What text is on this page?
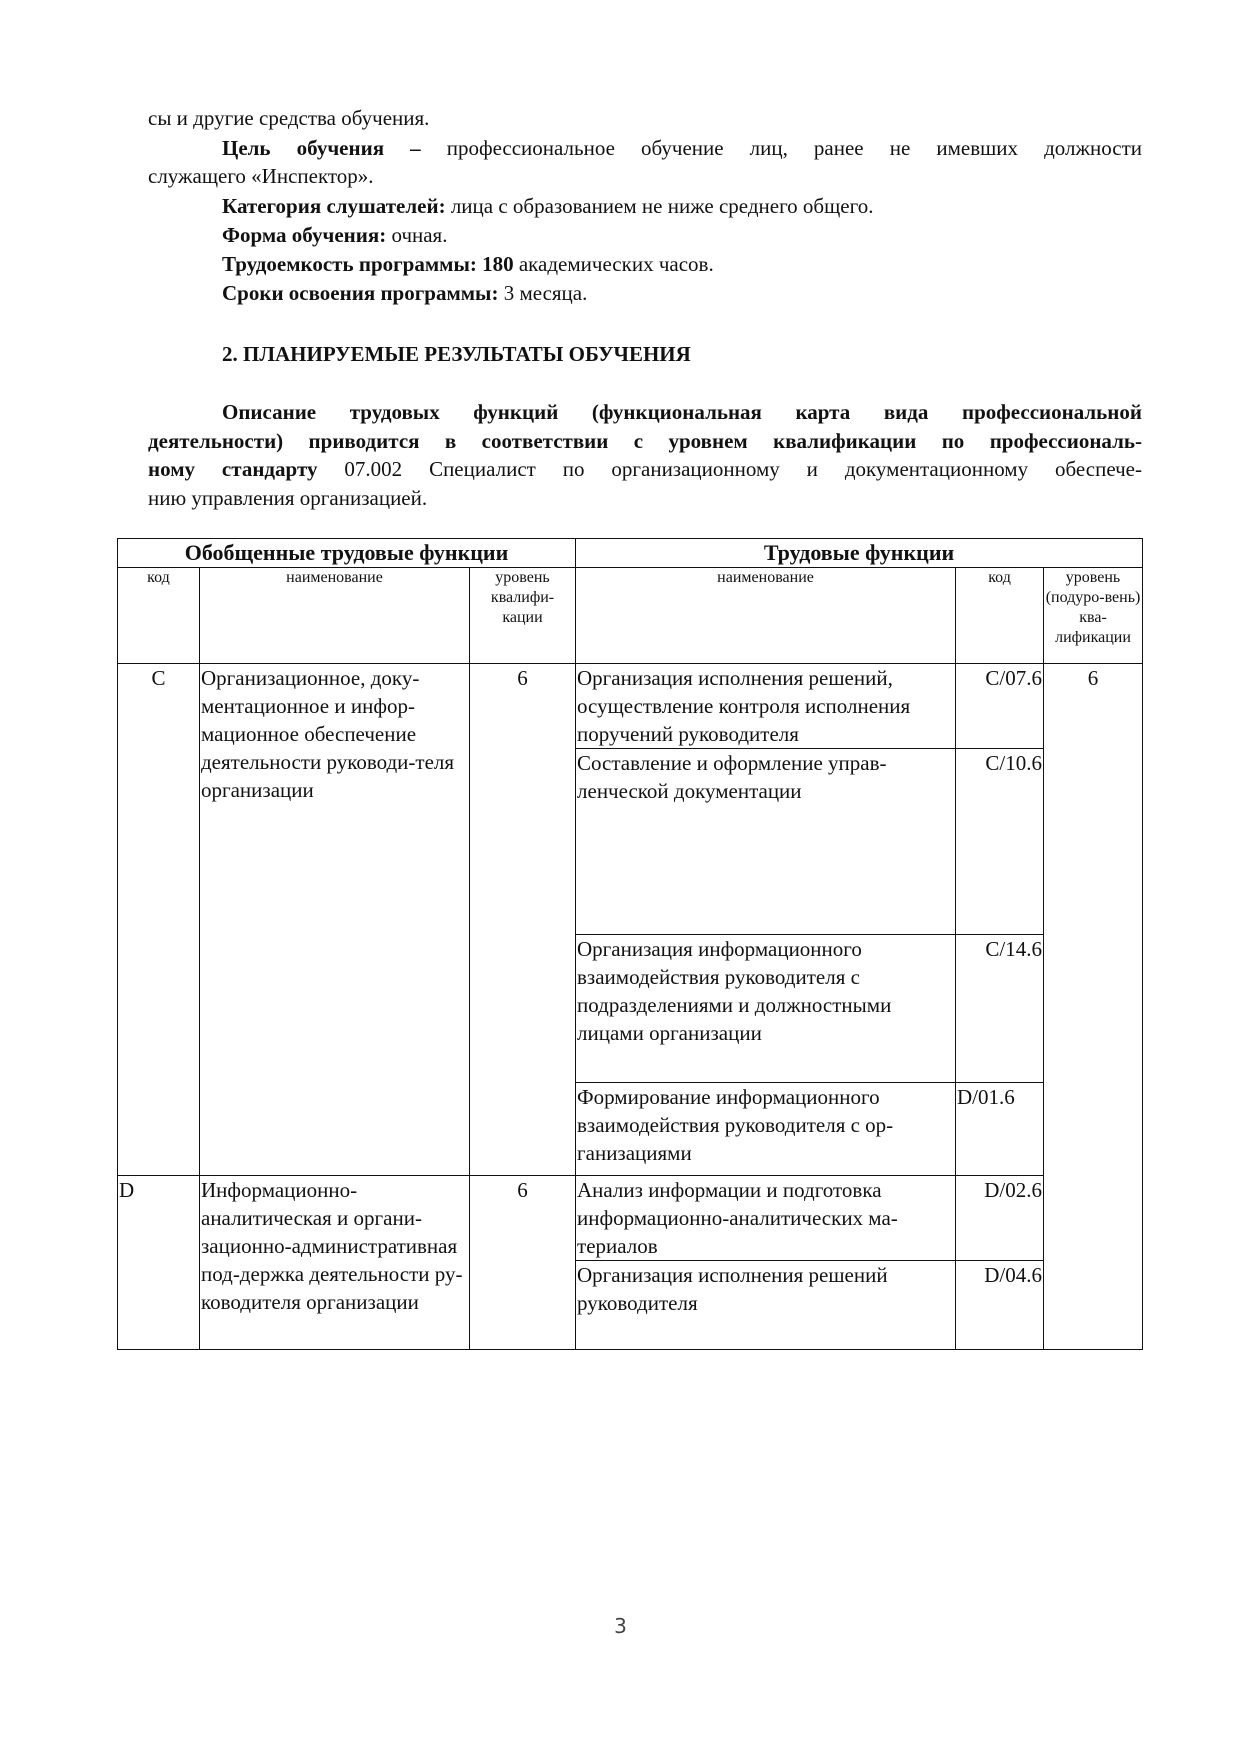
сы и другие средства обучения.
Цель обучения – профессиональное обучение лиц, ранее не имевших должности
служащего «Инспектор».
Категория слушателей: лица с образованием не ниже среднего общего.
Форма обучения: очная.
Трудоемкость программы: 180 академических часов.
Сроки освоения программы: 3 месяца.
2. ПЛАНИРУЕМЫЕ РЕЗУЛЬТАТЫ ОБУЧЕНИЯ
Описание трудовых функций (функциональная карта вида профессиональной
деятельности) приводится в соответствии с уровнем квалификации по профессиональ-
ному стандарту 07.002 Специалист по организационному и документационному обеспече-
нию управления организацией.
Обобщенные трудовые функции			Трудовые функции		
код	наименование	уровень квалифи-кации	наименование	код	уровень (подуро-вень) ква-лификации
C	Организационное, доку-ментационное и инфор-мационное обеспечение деятельности руководи-теля организации	6	Организация исполнения решений, осуществление контроля исполнения поручений руководителя	C/07.6	6
			Составление и оформление управ-ленческой документации	C/10.6	
			Организация информационного взаимодействия руководителя с подразделениями и должностными лицами организации	C/14.6	
			Формирование информационного взаимодействия руководителя с ор-ганизациями	D/01.6	
D	Информационно-аналитическая и органи-зационно-административная под-держка деятельности ру-ководителя организации	6	Анализ информации и подготовка информационно-аналитических ма-териалов	D/02.6	
			Организация исполнения решений руководителя	D/04.6	
3
